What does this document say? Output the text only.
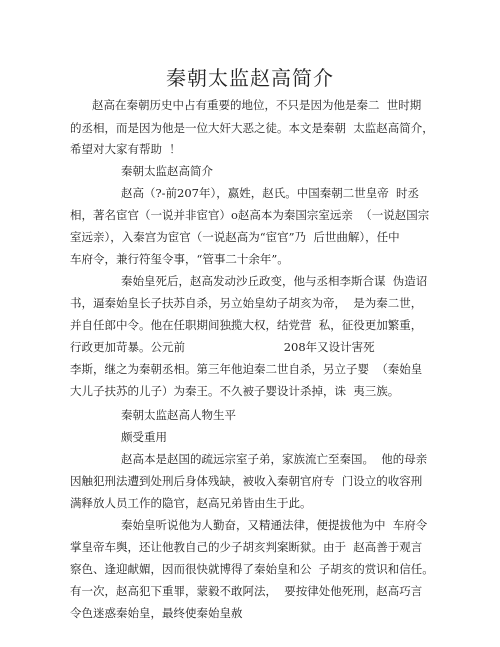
秦朝太监赵高简介
赵高在秦朝历史中占有重要的地位，不只是因为他是秦二  世时期
的丞相，而是因为他是一位大奸大恶之徒。本文是秦朝  太监赵高简介，
希望对大家有帮助  ！
秦朝太监赵高简介
赵高（?-前207年），嬴姓，赵氏。中国秦朝二世皇帝  时丞
相，著名宦官（一说并非宦官）o赵高本为秦国宗室远亲  （一说赵国宗
室远亲），入秦宫为宦官（一说赵高为“宦官”乃  后世曲解），任中
车府令，兼行符玺令事，“管事二十余年”。
秦始皇死后，赵高发动沙丘政变，他与丞相李斯合谋  伪造诏
书，逼秦始皇长子扶苏自杀，另立始皇幼子胡亥为帝，  是为秦二世，
并自任郎中令。他在任职期间独揽大权，结党营  私，征役更加繁重，
行政更加苛暴。公元前                           208年又设计害死
李斯，继之为秦朝丞相。第三年他迫秦二世自杀，另立子婴  （秦始皇
大儿子扶苏的儿子）为秦王。不久被子婴设计杀掉，诛  夷三族。
秦朝太监赵高人物生平
颇受重用
赵高本是赵国的疏远宗室子弟，家族流亡至秦国。  他的母亲
因触犯刑法遭到处刑后身体残缺，被收入秦朝官府专  门设立的收容刑
满释放人员工作的隐官，赵高兄弟皆由生于此。
秦始皇听说他为人勤奋，又精通法律，便提拔他为中  车府令
掌皇帝车舆，还让他教自己的少子胡亥判案断狱。由于  赵高善于观言
察色、逢迎献媚，因而很快就博得了秦始皇和公  子胡亥的赏识和信任。
有一次，赵高犯下重罪，蒙毅不敢阿法，  要按律处他死刑，赵高巧言
令色迷惑秦始皇，最终使秦始皇赦
